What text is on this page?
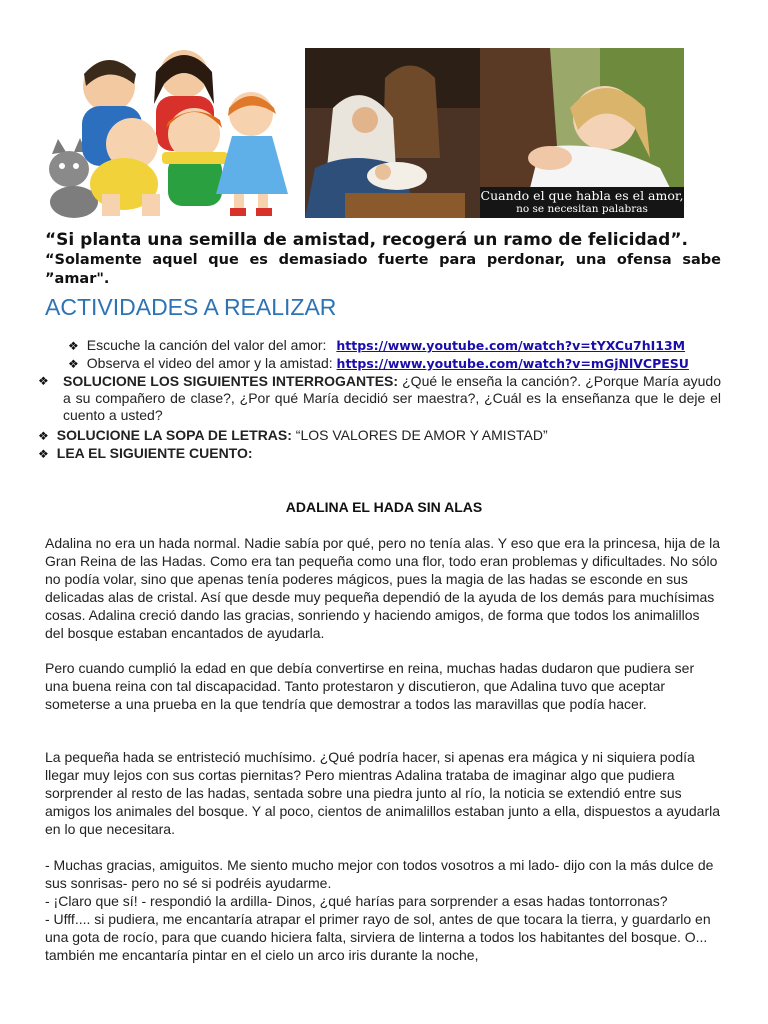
Cuando el que habla es el amor,
no se necesitan palabras
“Si planta una semilla de amistad, recogerá un ramo de felicidad”.
“Solamente aquel que es demasiado fuerte para perdonar, una ofensa sabe ”amar".
ACTIVIDADES A REALIZAR
❖ Escuche la canción del valor del amor: https://www.youtube.com/watch?v=tYXCu7hI13M
❖ Observa el video del amor y la amistad: https://www.youtube.com/watch?v=mGjNlVCPESU
❖ SOLUCIONE LOS SIGUIENTES INTERROGANTES: ¿Qué le enseña la canción?. ¿Porque María ayudo a su compañero de clase?, ¿Por qué María decidió ser maestra?, ¿Cuál es la enseñanza que le deje el cuento a usted?
❖ SOLUCIONE LA SOPA DE LETRAS: “LOS VALORES DE AMOR Y AMISTAD”
❖ LEA EL SIGUIENTE CUENTO:
ADALINA EL HADA SIN ALAS

Adalina no era un hada normal. Nadie sabía por qué, pero no tenía alas. Y eso que era la princesa, hija de la Gran Reina de las Hadas. Como era tan pequeña como una flor, todo eran problemas y dificultades. No sólo no podía volar, sino que apenas tenía poderes mágicos, pues la magia de las hadas se esconde en sus delicadas alas de cristal. Así que desde muy pequeña dependió de la ayuda de los demás para muchísimas cosas. Adalina creció dando las gracias, sonriendo y haciendo amigos, de forma que todos los animalillos del bosque estaban encantados de ayudarla.

Pero cuando cumplió la edad en que debía convertirse en reina, muchas hadas dudaron que pudiera ser una buena reina con tal discapacidad. Tanto protestaron y discutieron, que Adalina tuvo que aceptar someterse a una prueba en la que tendría que demostrar a todos las maravillas que podía hacer.

La pequeña hada se entristeció muchísimo. ¿Qué podría hacer, si apenas era mágica y ni siquiera podía llegar muy lejos con sus cortas piernitas? Pero mientras Adalina trataba de imaginar algo que pudiera sorprender al resto de las hadas, sentada sobre una piedra junto al río, la noticia se extendió entre sus amigos los animales del bosque. Y al poco, cientos de animalillos estaban junto a ella, dispuestos a ayudarla en lo que necesitara.

- Muchas gracias, amiguitos. Me siento mucho mejor con todos vosotros a mi lado- dijo con la más dulce de sus sonrisas- pero no sé si podréis ayudarme.

- ¡Claro que sí! - respondió la ardilla- Dinos, ¿qué harías para sorprender a esas hadas tontorronas?

- Ufff.... si pudiera, me encantaría atrapar el primer rayo de sol, antes de que tocara la tierra, y guardarlo en una gota de rocío, para que cuando hiciera falta, sirviera de linterna a todos los habitantes del bosque. O... también me encantaría pintar en el cielo un arco iris durante la noche,
